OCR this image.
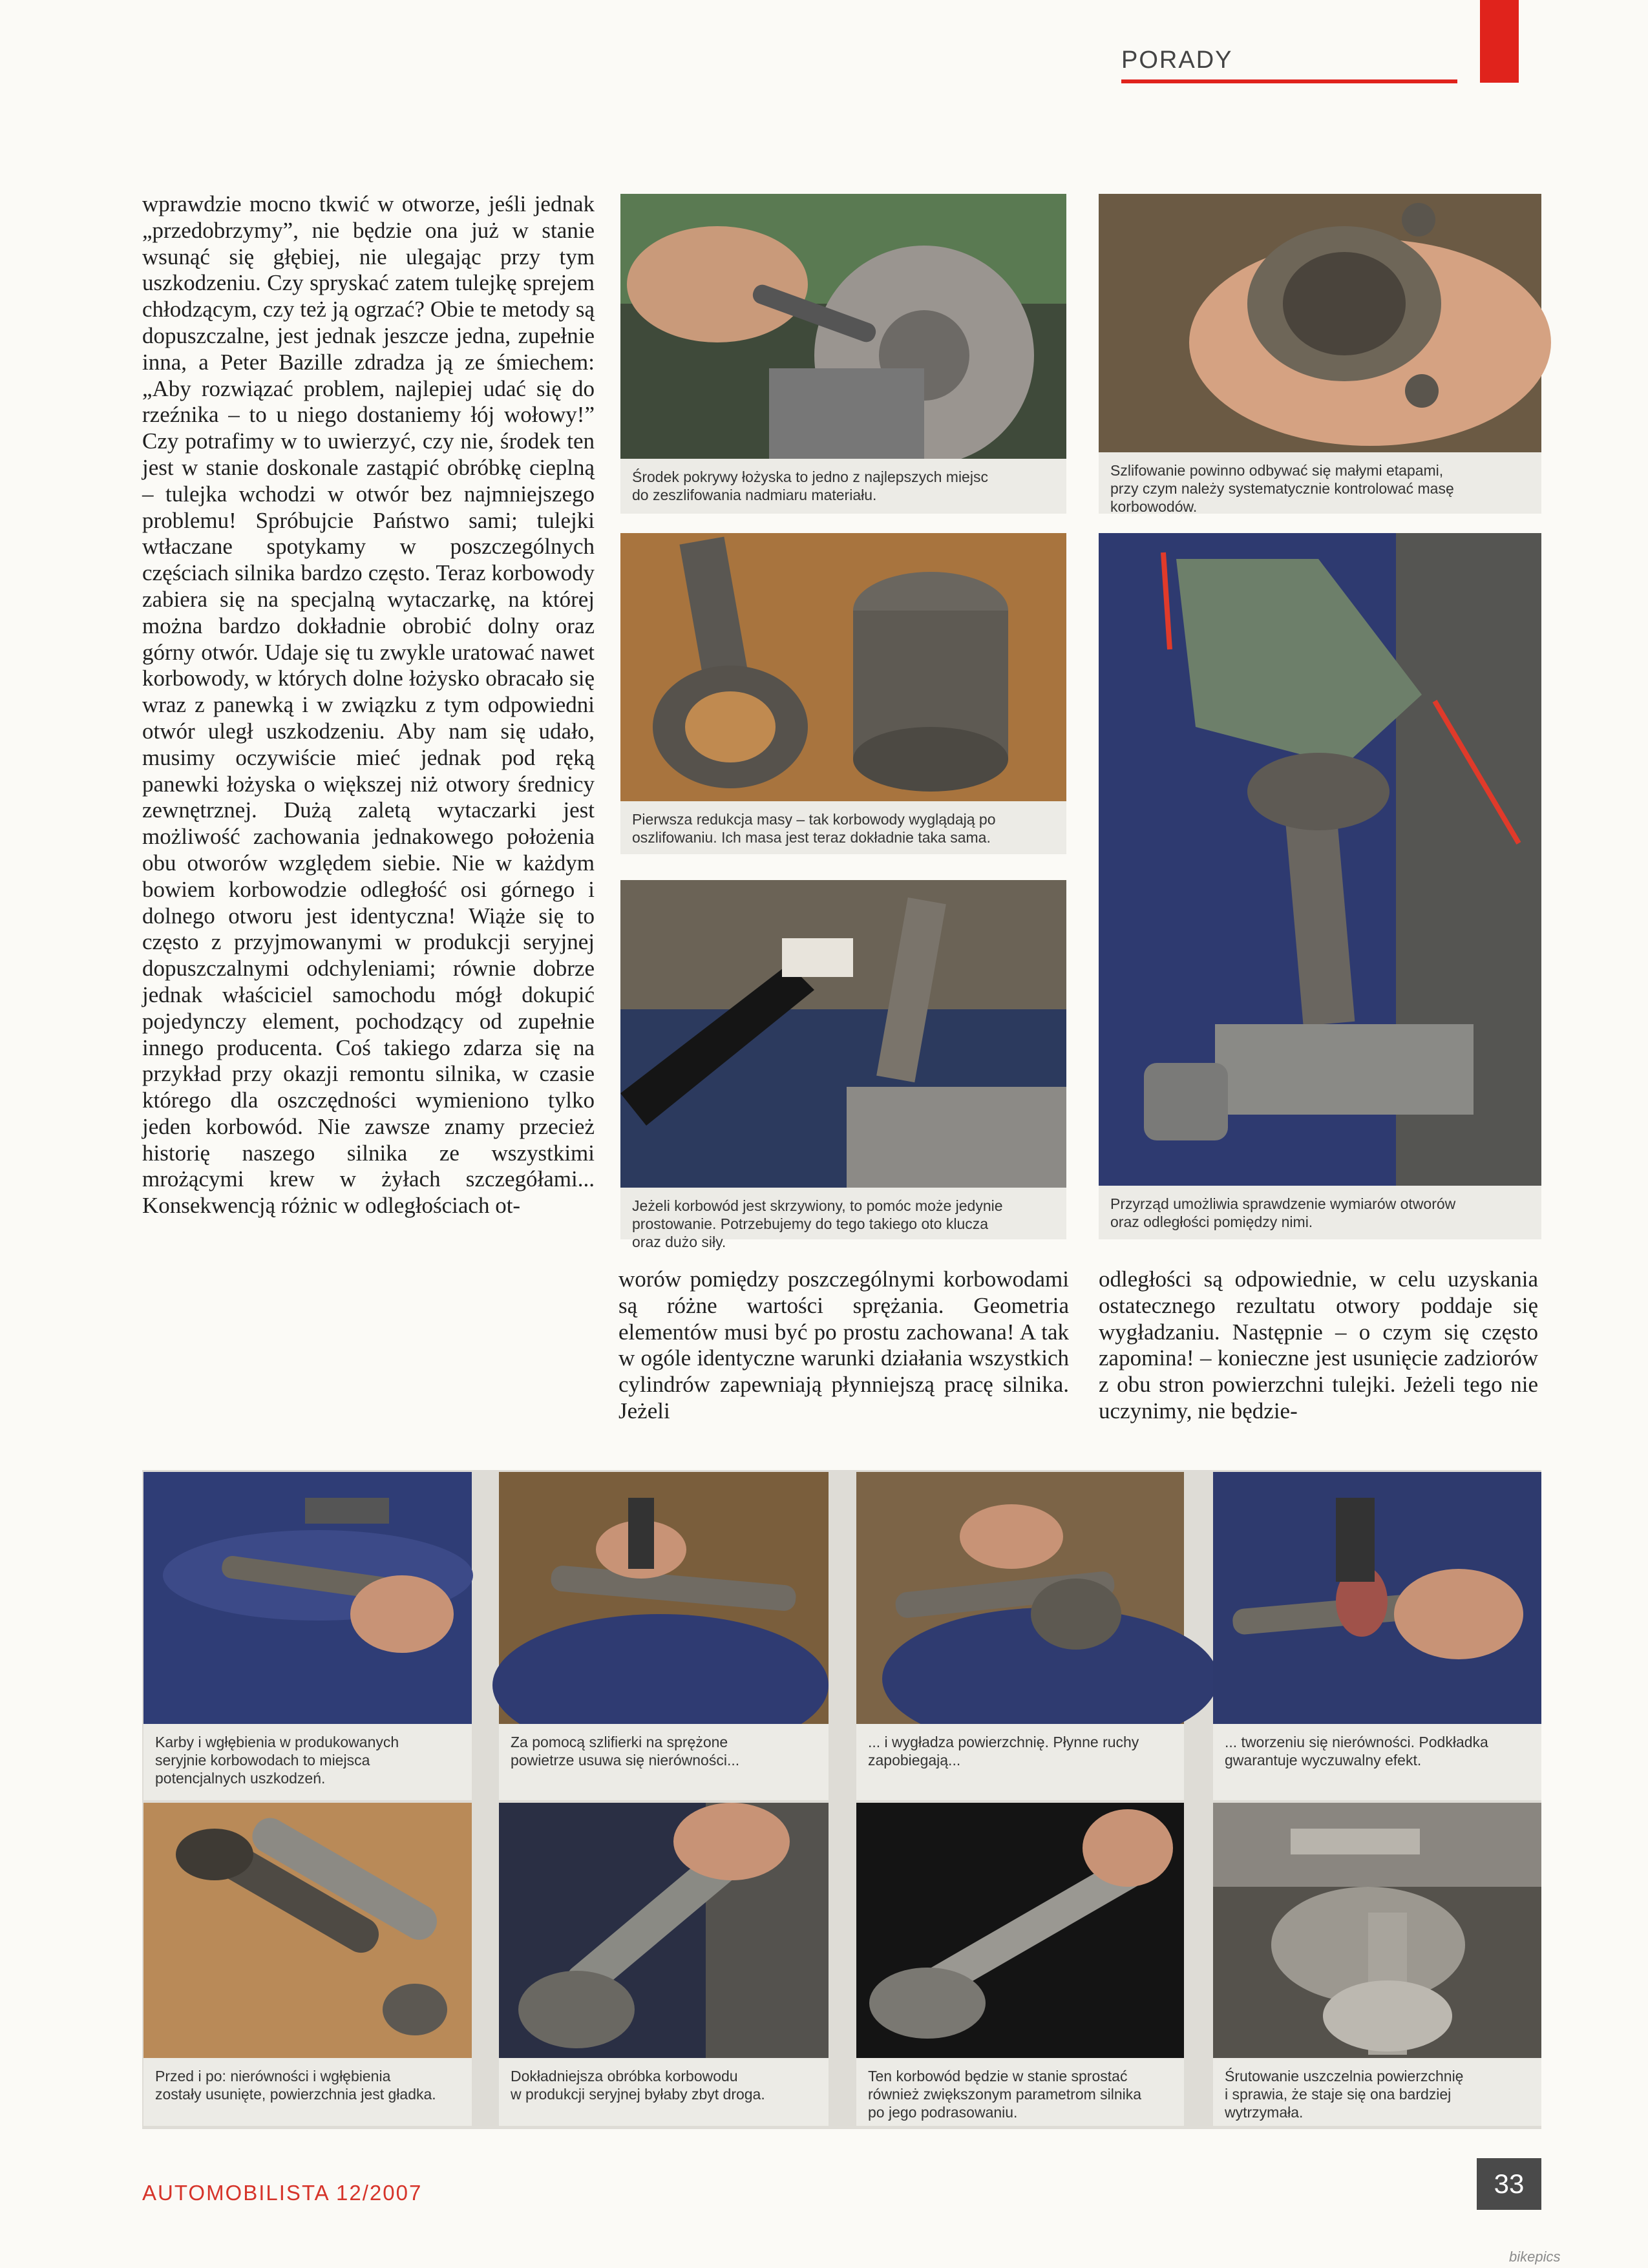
PORADY

wprawdzie mocno tkwić w otworze, jeśli jednak „przedobrzymy”, nie będzie ona już w stanie wsunąć się głębiej, nie ulegając przy tym uszkodzeniu. Czy spryskać zatem tulejkę sprejem chłodzącym, czy też ją ogrzać? Obie te metody są dopuszczalne, jest jednak jeszcze jedna, zupełnie inna, a Peter Bazille zdradza ją ze śmiechem: „Aby rozwiązać problem, najlepiej udać się do rzeźnika – to u niego dostaniemy łój wołowy!” Czy potrafimy w to uwierzyć, czy nie, środek ten jest w stanie doskonale zastąpić obróbkę cieplną – tulejka wchodzi w otwór bez najmniejszego problemu! Spróbujcie Państwo sami; tulejki wtłaczane spotykamy w poszczególnych częściach silnika bardzo często. Teraz korbowody zabiera się na specjalną wytaczarkę, na której można bardzo dokładnie obrobić dolny oraz górny otwór. Udaje się tu zwykle uratować nawet korbowody, w których dolne łożysko obracało się wraz z panewką i w związku z tym odpowiedni otwór uległ uszkodzeniu. Aby nam się udało, musimy oczywiście mieć jednak pod ręką panewki łożyska o większej niż otwory średnicy zewnętrznej. Dużą zaletą wytaczarki jest możliwość zachowania jednakowego położenia obu otworów względem siebie. Nie w każdym bowiem korbowodzie odległość osi górnego i dolnego otworu jest identyczna! Wiąże się to często z przyjmowanymi w produkcji seryjnej dopuszczalnymi odchyleniami; równie dobrze jednak właściciel samochodu mógł dokupić pojedynczy element, pochodzący od zupełnie innego producenta. Coś takiego zdarza się na przykład przy okazji remontu silnika, w czasie którego dla oszczędności wymieniono tylko jeden korbowód. Nie zawsze znamy przecież historię naszego silnika ze wszystkimi mrożącymi krew w żyłach szczegółami... Konsekwencją różnic w odległościach ot-

worów pomiędzy poszczególnymi korbowodami są różne wartości sprężania. Geometria elementów musi być po prostu zachowana! A tak w ogóle identyczne warunki działania wszystkich cylindrów zapewniają płynniejszą pracę silnika. Jeżeli

odległości są odpowiednie, w celu uzyskania ostatecznego rezultatu otwory poddaje się wygładzaniu. Następnie – o czym się często zapomina! – konieczne jest usunięcie zadziorów z obu stron powierzchni tulejki. Jeżeli tego nie uczynimy, nie będzie-

Środek pokrywy łożyska to jedno z najlepszych miejsc
do zeszlifowania nadmiaru materiału.
Szlifowanie powinno odbywać się małymi etapami,
przy czym należy systematycznie kontrolować masę
korbowodów.
Pierwsza redukcja masy – tak korbowody wyglądają po
oszlifowaniu. Ich masa jest teraz dokładnie taka sama.
Przyrząd umożliwia sprawdzenie wymiarów otworów
oraz odległości pomiędzy nimi.
Jeżeli korbowód jest skrzywiony, to pomóc może jedynie
prostowanie. Potrzebujemy do tego takiego oto klucza
oraz dużo siły.
Karby i wgłębienia w produkowanych
seryjnie korbowodach to miejsca
potencjalnych uszkodzeń.
Za pomocą szlifierki na sprężone
powietrze usuwa się nierówności...
... i wygładza powierzchnię. Płynne ruchy
zapobiegają...
... tworzeniu się nierówności. Podkładka
gwarantuje wyczuwalny efekt.
Przed i po: nierówności i wgłębienia
zostały usunięte, powierzchnia jest gładka.
Dokładniejsza obróbka korbowodu
w produkcji seryjnej byłaby zbyt droga.
Ten korbowód będzie w stanie sprostać
również zwiększonym parametrom silnika
po jego podrasowaniu.
Śrutowanie uszczelnia powierzchnię
i sprawia, że staje się ona bardziej
wytrzymała.
AUTOMOBILISTA 12/2007	33
bikepics
